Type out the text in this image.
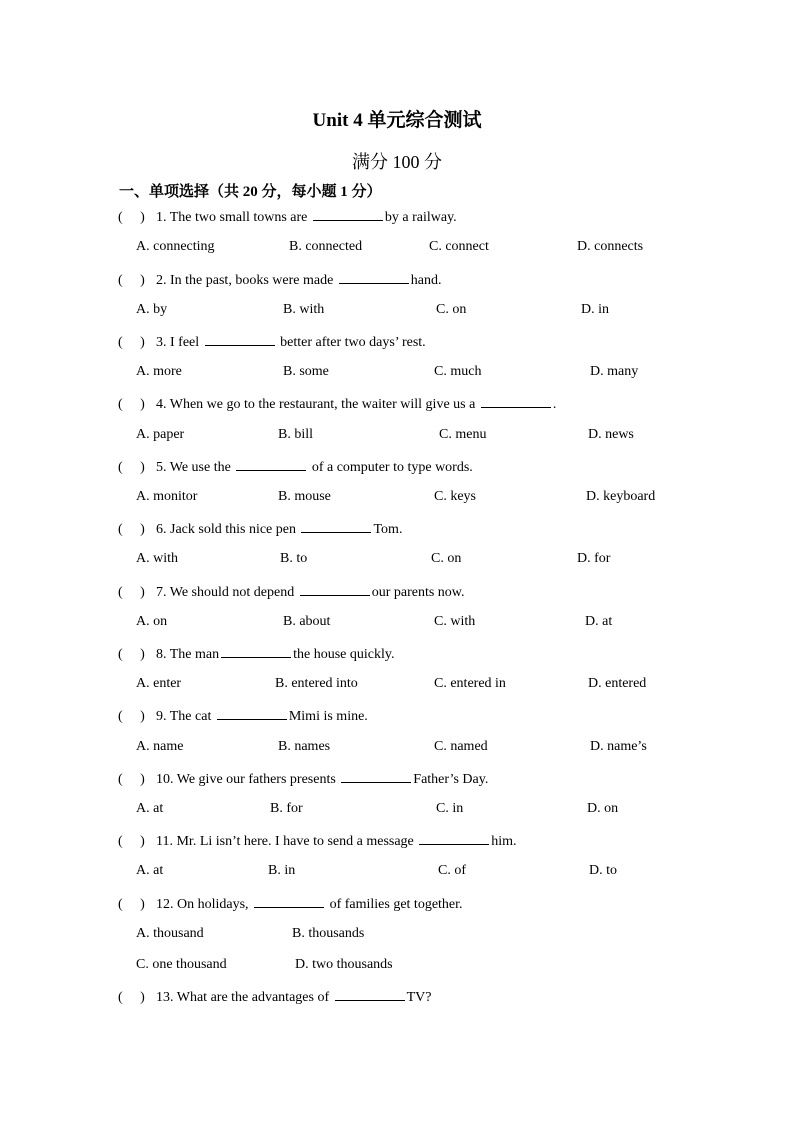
Unit 4 单元综合测试
满分 100 分
一、单项选择（共 20 分，每小题 1 分）
(     ) 1. The two small towns are	by a railway.
A. connecting	B. connected	C. connect	D. connects
(     ) 2. In the past, books were made	hand.
A. by	B. with	C. on	D. in
(     ) 3. I feel	better after two days’ rest.
A. more	B. some	C. much	D. many
(     ) 4. When we go to the restaurant, the waiter will give us a	.
A. paper	B. bill	C. menu	D. news
(     ) 5. We use the	of a computer to type words.
A. monitor	B. mouse	C. keys	D. keyboard
(     ) 6. Jack sold this nice pen	Tom.
A. with	B. to	C. on	D. for
(     ) 7. We should not depend	our parents now.
A. on	B. about	C. with	D. at
(     ) 8. The man	the house quickly.
A. enter	B. entered into	C. entered in	D. entered
(     ) 9. The cat	Mimi is mine.
A. name	B. names	C. named	D. name’s
(     ) 10. We give our fathers presents	Father’s Day.
A. at	B. for	C. in	D. on
(     ) 11. Mr. Li isn’t here. I have to send a message	him.
A. at	B. in	C. of	D. to
(     ) 12. On holidays,	of families get together.
A. thousand	B. thousands
C. one thousand	D. two thousands
(     ) 13. What are the advantages of	TV?
